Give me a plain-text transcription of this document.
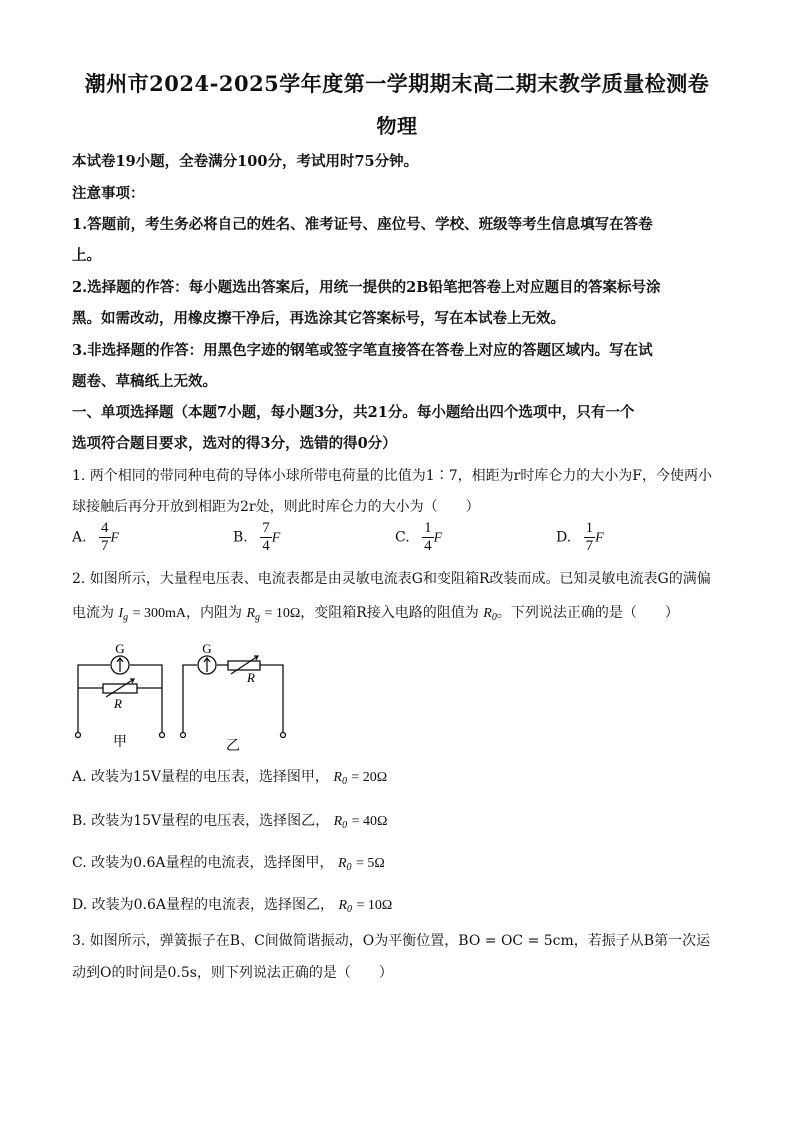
潮州市2024-2025学年度第一学期期末高二期末教学质量检测卷
物理
本试卷19小题，全卷满分100分，考试用时75分钟。
注意事项：
1.答题前，考生务必将自己的姓名、准考证号、座位号、学校、班级等考生信息填写在答卷
上。
2.选择题的作答：每小题选出答案后，用统一提供的2B铅笔把答卷上对应题目的答案标号涂
黑。如需改动，用橡皮擦干净后，再选涂其它答案标号，写在本试卷上无效。
3.非选择题的作答：用黑色字迹的钢笔或签字笔直接答在答卷上对应的答题区域内。写在试
题卷、草稿纸上无效。
一、单项选择题（本题7小题，每小题3分，共21分。每小题给出四个选项中，只有一个
选项符合题目要求，选对的得3分，选错的得0分）
1. 两个相同的带同种电荷的导体小球所带电荷量的比值为1∶7，相距为r时库仑力的大小为F，今使两小
球接触后再分开放到相距为2r处，则此时库仑力的大小为（　　）
A. $\frac{4}{7}$ F	B. $\frac{7}{4}$ F	C. $\frac{1}{4}$ F	D. $\frac{1}{7}$ F
2. 如图所示，大量程电压表、电流表都是由灵敏电流表G和变阻箱R改装而成。已知灵敏电流表G的满偏
电流为 $I_g = 300mA$，内阻为 $R_g = 10\Omega$，变阻箱R接入电路的阻值为 $R_0$。下列说法正确的是（　　）
G	G
R
R
甲	乙
A. 改装为15V量程的电压表，选择图甲， $R_0 = 20\Omega$
B. 改装为15V量程的电压表，选择图乙， $R_0 = 40\Omega$
C. 改装为0.6A量程的电流表，选择图甲， $R_0 = 5\Omega$
D. 改装为0.6A量程的电流表，选择图乙， $R_0 = 10\Omega$
3. 如图所示，弹簧振子在B、C间做简谐振动，O为平衡位置，BO = OC = 5cm，若振子从B第一次运
动到O的时间是0.5s，则下列说法正确的是（　　）
